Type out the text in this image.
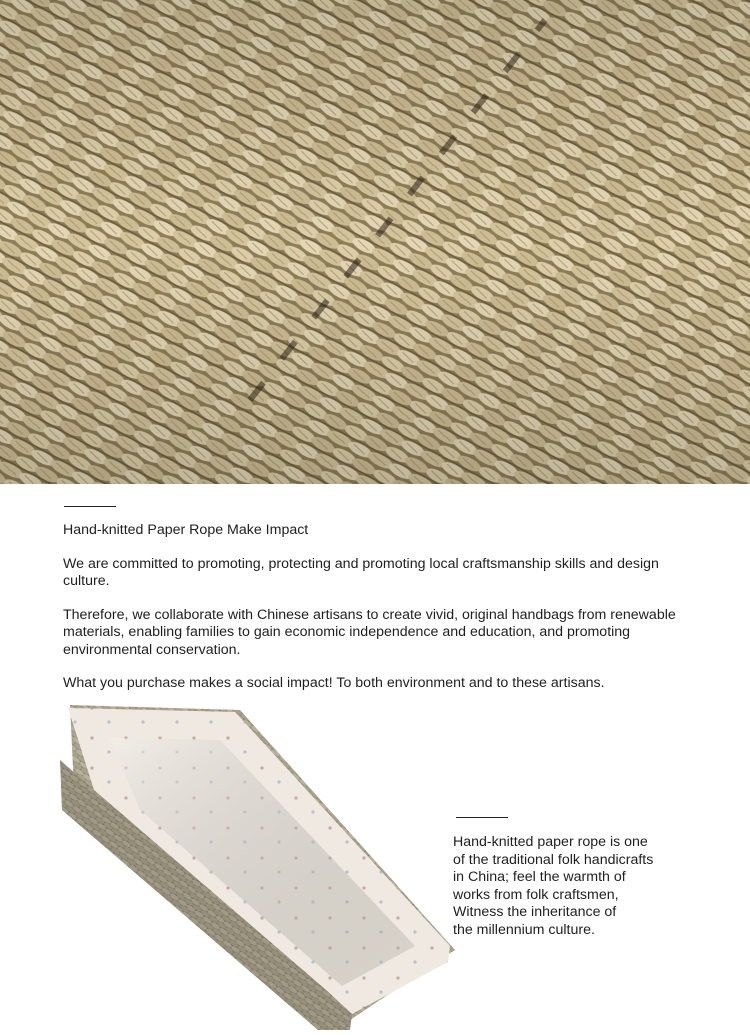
Hand-knitted Paper Rope Make Impact

We are committed to promoting, protecting and promoting local craftsmanship skills and design culture.

Therefore, we collaborate with Chinese artisans to create vivid, original handbags from renewable materials, enabling families to gain economic independence and education, and promoting environmental conservation.

What you purchase makes a social impact! To both environment and to these artisans.

Hand-knitted paper rope is one
of the traditional folk handicrafts
in China; feel the warmth of
works from folk craftsmen,
Witness the inheritance of
the millennium culture.
